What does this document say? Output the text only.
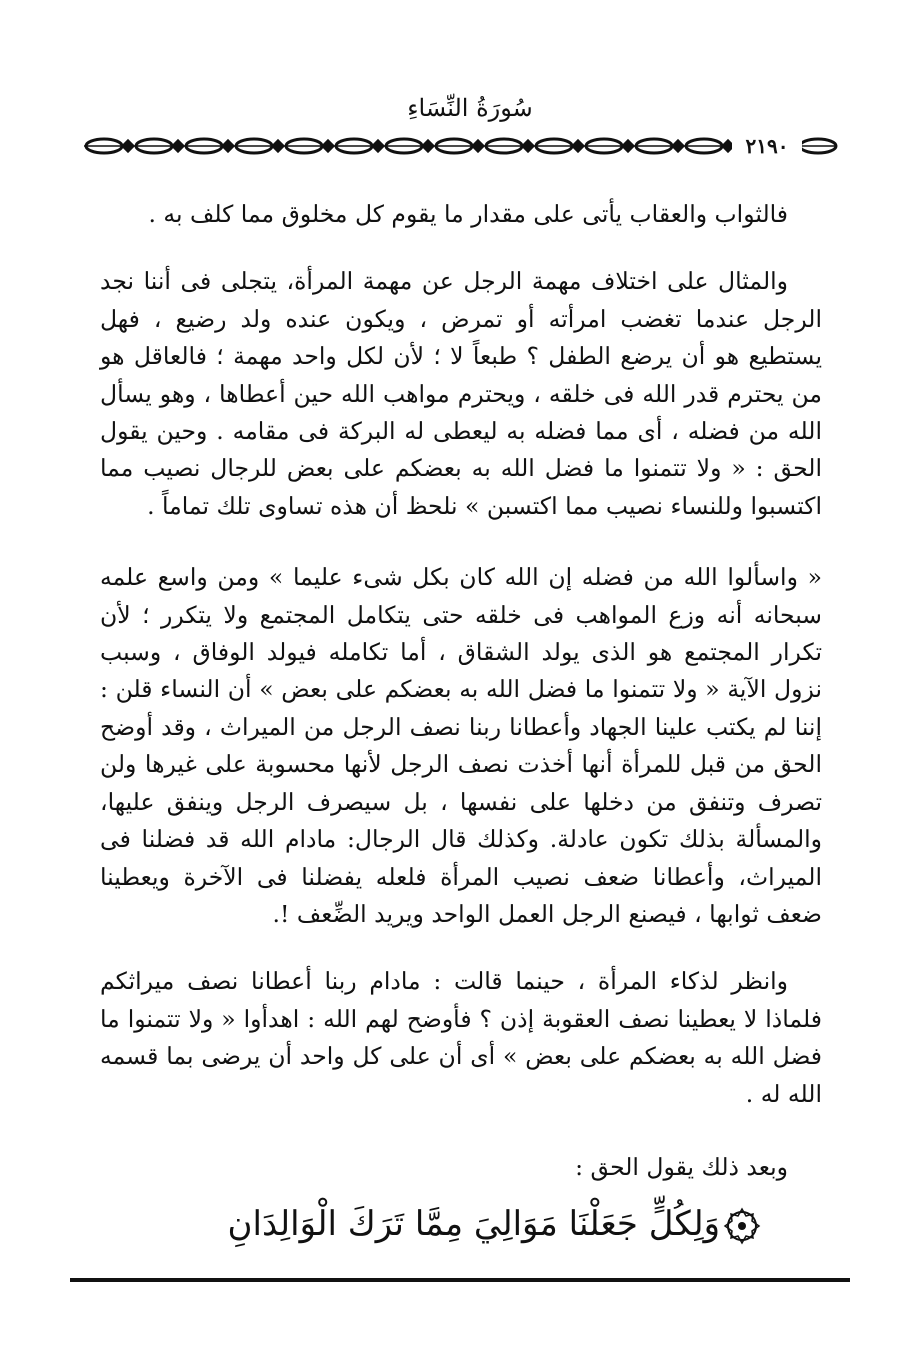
سُورَةُ النِّسَاءِ
٢١٩٠

فالثواب والعقاب يأتى على مقدار ما يقوم كل مخلوق مما كلف به .

والمثال على اختلاف مهمة الرجل عن مهمة المرأة، يتجلى فى أننا نجد الرجل عندما تغضب امرأته أو تمرض ، ويكون عنده ولد رضيع ، فهل يستطيع هو أن يرضع الطفل ؟ طبعاً لا ؛ لأن لكل واحد مهمة ؛ فالعاقل هو من يحترم قدر الله فى خلقه ، ويحترم مواهب الله حين أعطاها ، وهو يسأل الله من فضله ، أى مما فضله به ليعطى له البركة فى مقامه . وحين يقول الحق : « ولا تتمنوا ما فضل الله به بعضكم على بعض للرجال نصيب مما اكتسبوا وللنساء نصيب مما اكتسبن » نلحظ أن هذه تساوى تلك تماماً .

« واسألوا الله من فضله إن الله كان بكل شىء عليما » ومن واسع علمه سبحانه أنه وزع المواهب فى خلقه حتى يتكامل المجتمع ولا يتكرر ؛ لأن تكرار المجتمع هو الذى يولد الشقاق ، أما تكامله فيولد الوفاق ، وسبب نزول الآية « ولا تتمنوا ما فضل الله به بعضكم على بعض » أن النساء قلن : إننا لم يكتب علينا الجهاد وأعطانا ربنا نصف الرجل من الميراث ، وقد أوضح الحق من قبل للمرأة أنها أخذت نصف الرجل لأنها محسوبة على غيرها ولن تصرف وتنفق من دخلها على نفسها ، بل سيصرف الرجل وينفق عليها، والمسألة بذلك تكون عادلة. وكذلك قال الرجال: مادام الله قد فضلنا فى الميراث، وأعطانا ضعف نصيب المرأة فلعله يفضلنا فى الآخرة ويعطينا ضعف ثوابها ، فيصنع الرجل العمل الواحد ويريد الضِّعف !.

وانظر لذكاء المرأة ، حينما قالت : مادام ربنا أعطانا نصف ميراثكم فلماذا لا يعطينا نصف العقوبة إذن ؟ فأوضح لهم الله : اهدأوا « ولا تتمنوا ما فضل الله به بعضكم على بعض » أى أن على كل واحد أن يرضى بما قسمه الله له .

وبعد ذلك يقول الحق :

وَلِكُلٍّ جَعَلْنَا مَوَالِيَ مِمَّا تَرَكَ الْوَالِدَانِ
